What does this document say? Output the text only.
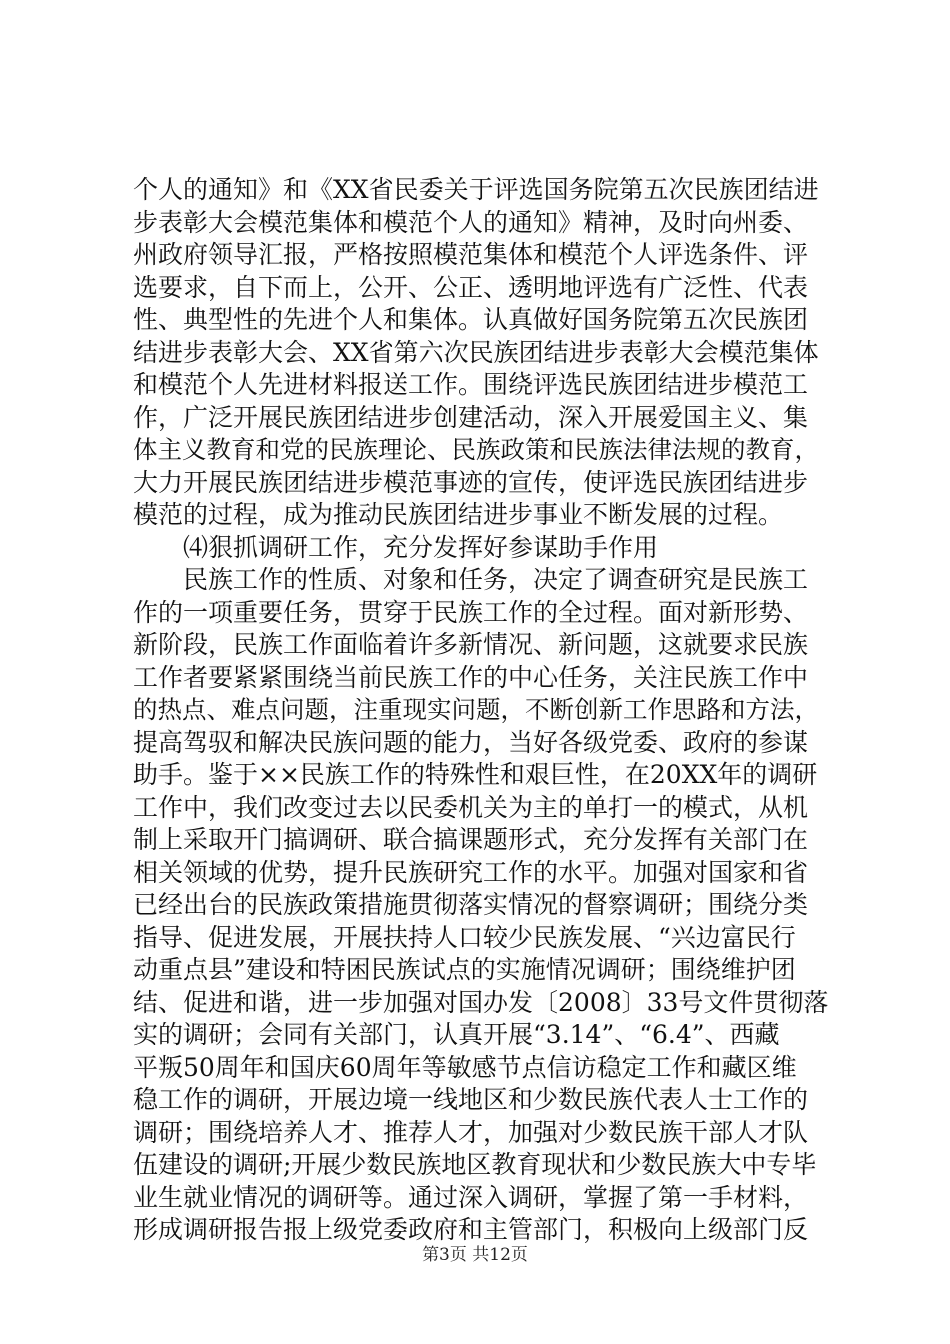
个人的通知》和《XX省民委关于评选国务院第五次民族团结进
步表彰大会模范集体和模范个人的通知》精神，及时向州委、
州政府领导汇报，严格按照模范集体和模范个人评选条件、评
选要求，自下而上，公开、公正、透明地评选有广泛性、代表
性、典型性的先进个人和集体。认真做好国务院第五次民族团
结进步表彰大会、XX省第六次民族团结进步表彰大会模范集体
和模范个人先进材料报送工作。围绕评选民族团结进步模范工
作，广泛开展民族团结进步创建活动，深入开展爱国主义、集
体主义教育和党的民族理论、民族政策和民族法律法规的教育，
大力开展民族团结进步模范事迹的宣传，使评选民族团结进步
模范的过程，成为推动民族团结进步事业不断发展的过程。
⑷狠抓调研工作，充分发挥好参谋助手作用
民族工作的性质、对象和任务，决定了调查研究是民族工
作的一项重要任务，贯穿于民族工作的全过程。面对新形势、
新阶段，民族工作面临着许多新情况、新问题，这就要求民族
工作者要紧紧围绕当前民族工作的中心任务，关注民族工作中
的热点、难点问题，注重现实问题，不断创新工作思路和方法，
提高驾驭和解决民族问题的能力，当好各级党委、政府的参谋
助手。鉴于××民族工作的特殊性和艰巨性，在20XX年的调研
工作中，我们改变过去以民委机关为主的单打一的模式，从机
制上采取开门搞调研、联合搞课题形式，充分发挥有关部门在
相关领域的优势，提升民族研究工作的水平。加强对国家和省
已经出台的民族政策措施贯彻落实情况的督察调研；围绕分类
指导、促进发展，开展扶持人口较少民族发展、“兴边富民行
动重点县”建设和特困民族试点的实施情况调研；围绕维护团
结、促进和谐，进一步加强对国办发〔2008〕33号文件贯彻落
实的调研；会同有关部门，认真开展“3.14”、“6.4”、西藏
平叛50周年和国庆60周年等敏感节点信访稳定工作和藏区维
稳工作的调研，开展边境一线地区和少数民族代表人士工作的
调研；围绕培养人才、推荐人才，加强对少数民族干部人才队
伍建设的调研;开展少数民族地区教育现状和少数民族大中专毕
业生就业情况的调研等。通过深入调研，掌握了第一手材料，
形成调研报告报上级党委政府和主管部门，积极向上级部门反
第3页 共12页
